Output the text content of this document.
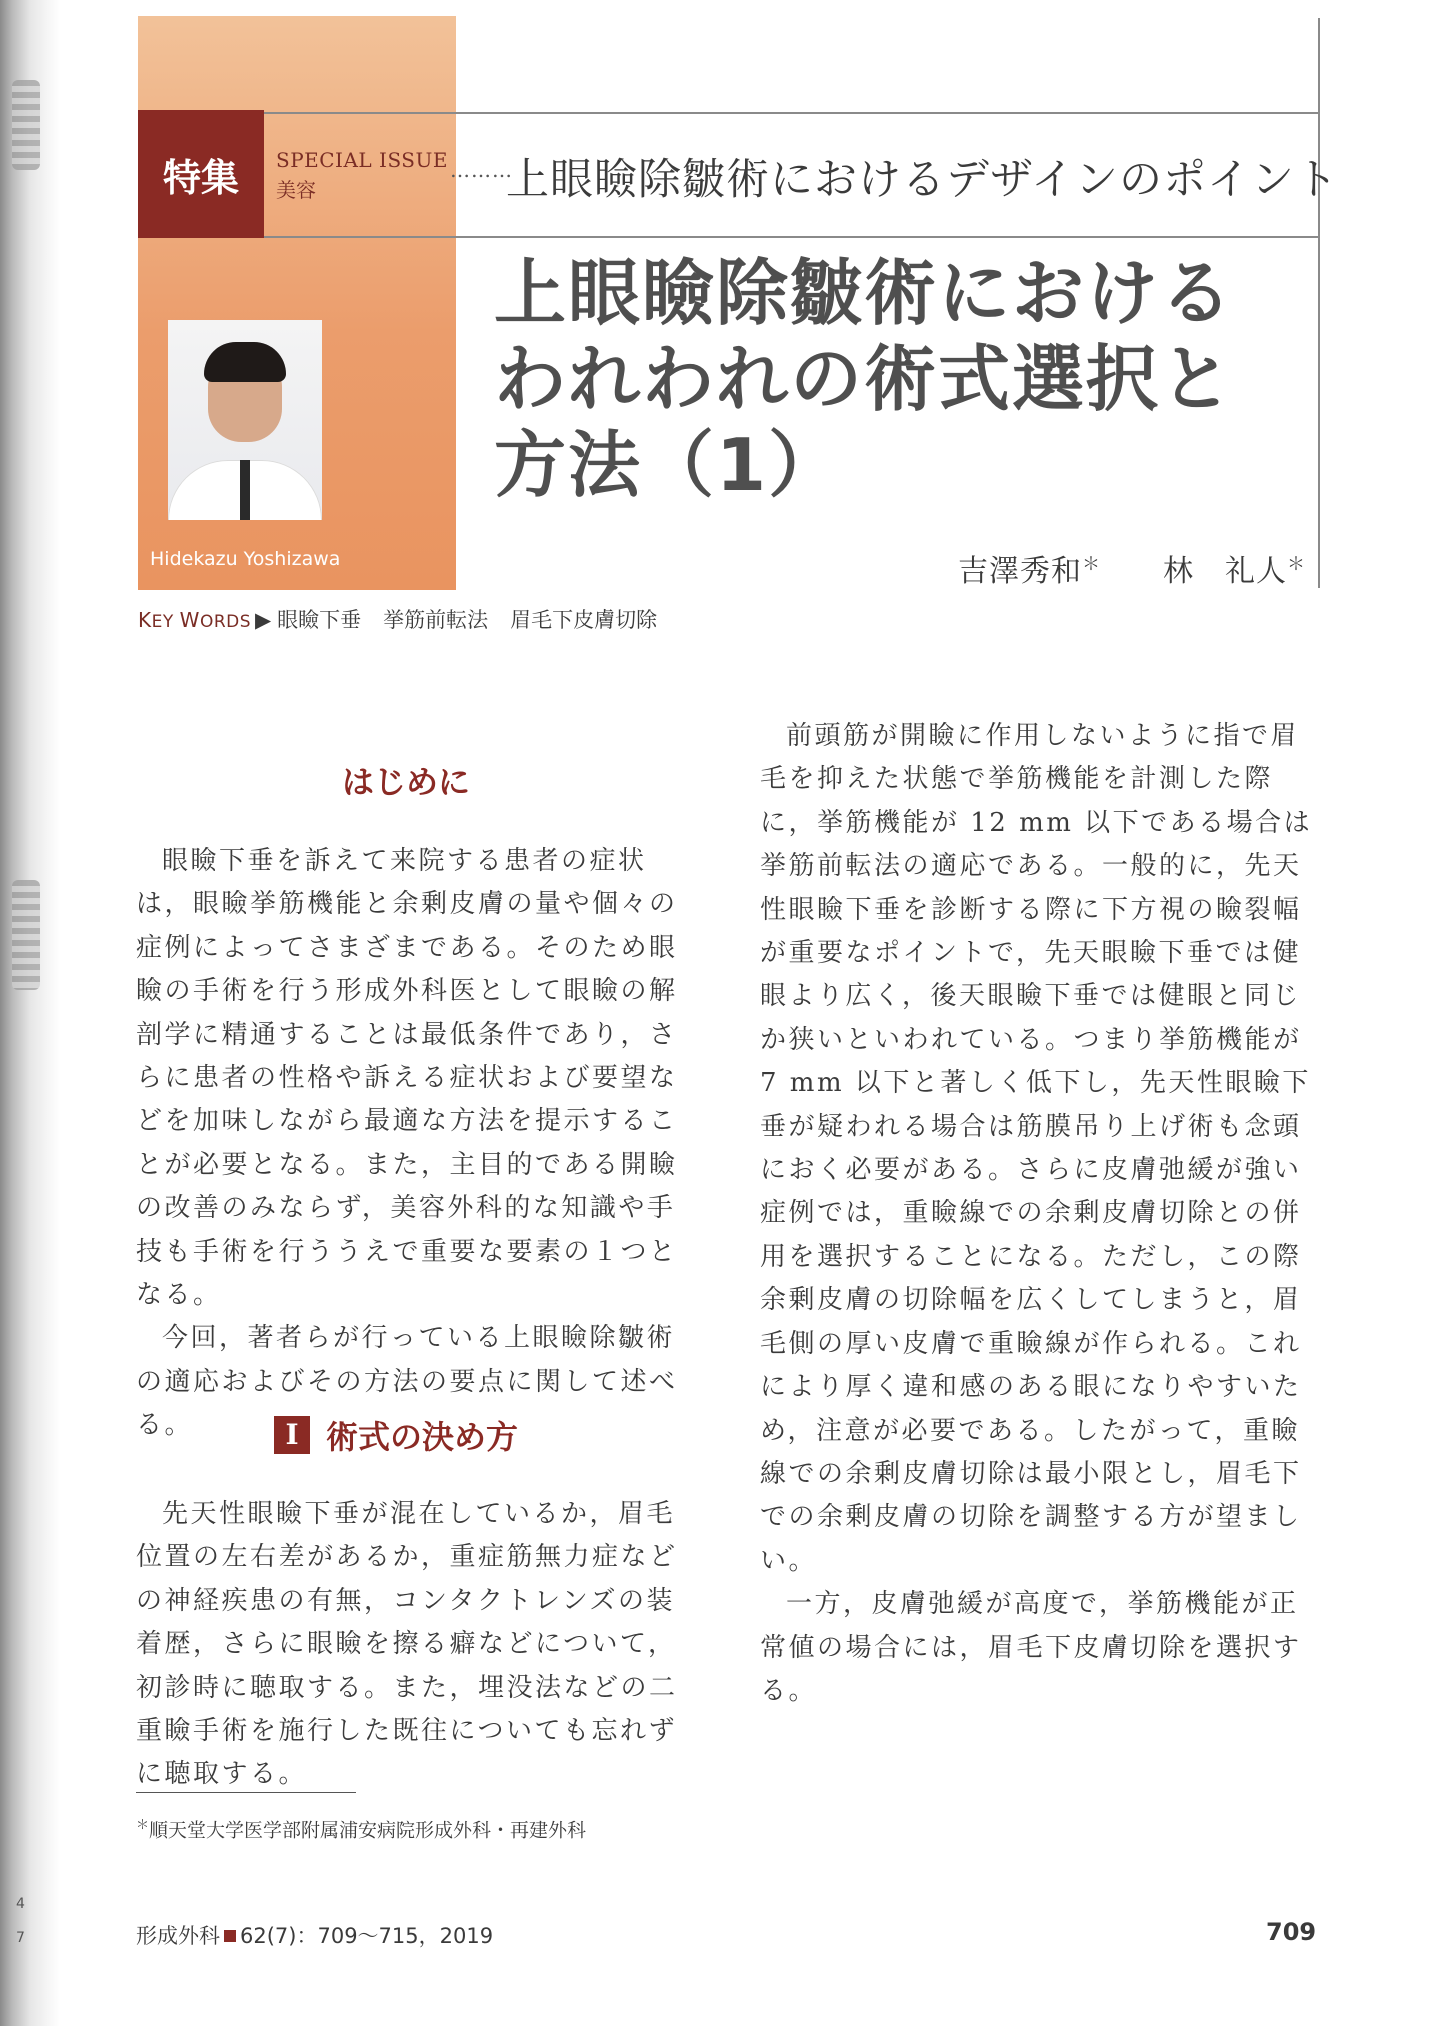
4
7
Hidekazu Yoshizawa
特集	SPECIAL ISSUE
美容
………
上眼瞼除皺術におけるデザインのポイント
上眼瞼除皺術における
われわれの術式選択と
方法（1）
吉澤秀和＊　　 林　礼人＊
KEY WORDS ▶ 眼瞼下垂 挙筋前転法 眉毛下皮膚切除
はじめに

眼瞼下垂を訴えて来院する患者の症状は，眼瞼挙筋機能と余剰皮膚の量や個々の症例によってさまざまである。そのため眼瞼の手術を行う形成外科医として眼瞼の解剖学に精通することは最低条件であり，さらに患者の性格や訴える症状および要望などを加味しながら最適な方法を提示することが必要となる。また，主目的である開瞼の改善のみならず，美容外科的な知識や手技も手術を行ううえで重要な要素の１つとなる。

今回，著者らが行っている上眼瞼除皺術の適応およびその方法の要点に関して述べる。	I 術式の決め方

先天性眼瞼下垂が混在しているか，眉毛位置の左右差があるか，重症筋無力症などの神経疾患の有無，コンタクトレンズの装着歴，さらに眼瞼を擦る癖などについて，初診時に聴取する。また，埋没法などの二重瞼手術を施行した既往についても忘れずに聴取する。

前頭筋が開瞼に作用しないように指で眉毛を抑えた状態で挙筋機能を計測した際に，挙筋機能が 12 mm 以下である場合は挙筋前転法の適応である。一般的に，先天性眼瞼下垂を診断する際に下方視の瞼裂幅が重要なポイントで，先天眼瞼下垂では健眼より広く，後天眼瞼下垂では健眼と同じか狭いといわれている。つまり挙筋機能が 7 mm 以下と著しく低下し，先天性眼瞼下垂が疑われる場合は筋膜吊り上げ術も念頭におく必要がある。さらに皮膚弛緩が強い症例では，重瞼線での余剰皮膚切除との併用を選択することになる。ただし，この際余剰皮膚の切除幅を広くしてしまうと，眉毛側の厚い皮膚で重瞼線が作られる。これにより厚く違和感のある眼になりやすいため，注意が必要である。したがって，重瞼線での余剰皮膚切除は最小限とし，眉毛下での余剰皮膚の切除を調整する方が望ましい。

一方，皮膚弛緩が高度で，挙筋機能が正常値の場合には，眉毛下皮膚切除を選択する。

＊順天堂大学医学部附属浦安病院形成外科・再建外科
形成外科 62(7)：709〜715，2019	709
